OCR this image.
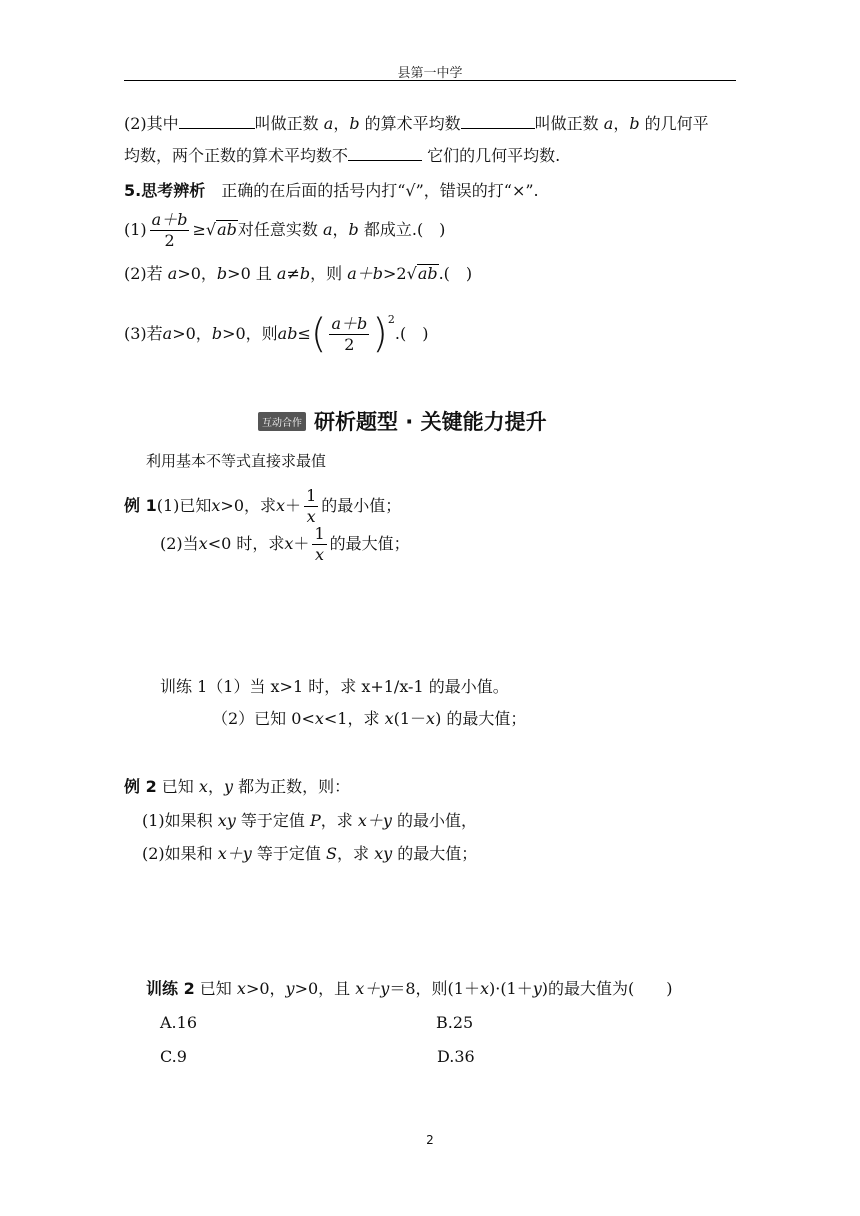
县第一中学
(2)其中	叫做正数 a，b 的算术平均数	叫做正数 a，b 的几何平
均数，两个正数的算术平均数不	它们的几何平均数.
5.思考辨析　正确的在后面的括号内打“√”，错误的打“×”.
$(1) \frac{a+b}{2} \ge√ab$对任意实数 a，b 都成立.(　)
(2)若 a>0，b>0 且 a≠b，则 a＋b>2√ab.(　)
(3)若 a >0， b >0，则 ab ≤ ( $\frac{a+b}{2}$ ) 2
.(　)
互动合作 研析题型 · 关键能力提升
利用基本不等式直接求最值
例 1 (1)已知 x >0，求 $x + \frac{1}{x}$ 的最小值；
(2)当 x <0 时，求 $x + \frac{1}{x}$ 的最大值；
训练 1（1）当 x>1 时，求 x+1/x-1 的最小值。
（2）已知 0<x<1，求 x(1－x) 的最大值；
例 2 已知 x，y 都为正数，则：
(1)如果积 xy 等于定值 P，求 x＋y 的最小值，
(2)如果和 x＋y 等于定值 S，求 xy 的最大值；
训练 2 已知 x>0，y>0，且 x＋y＝8，则(1＋x)·(1＋y)的最大值为(　　)
A.16	B.25
C.9	D.36
2
